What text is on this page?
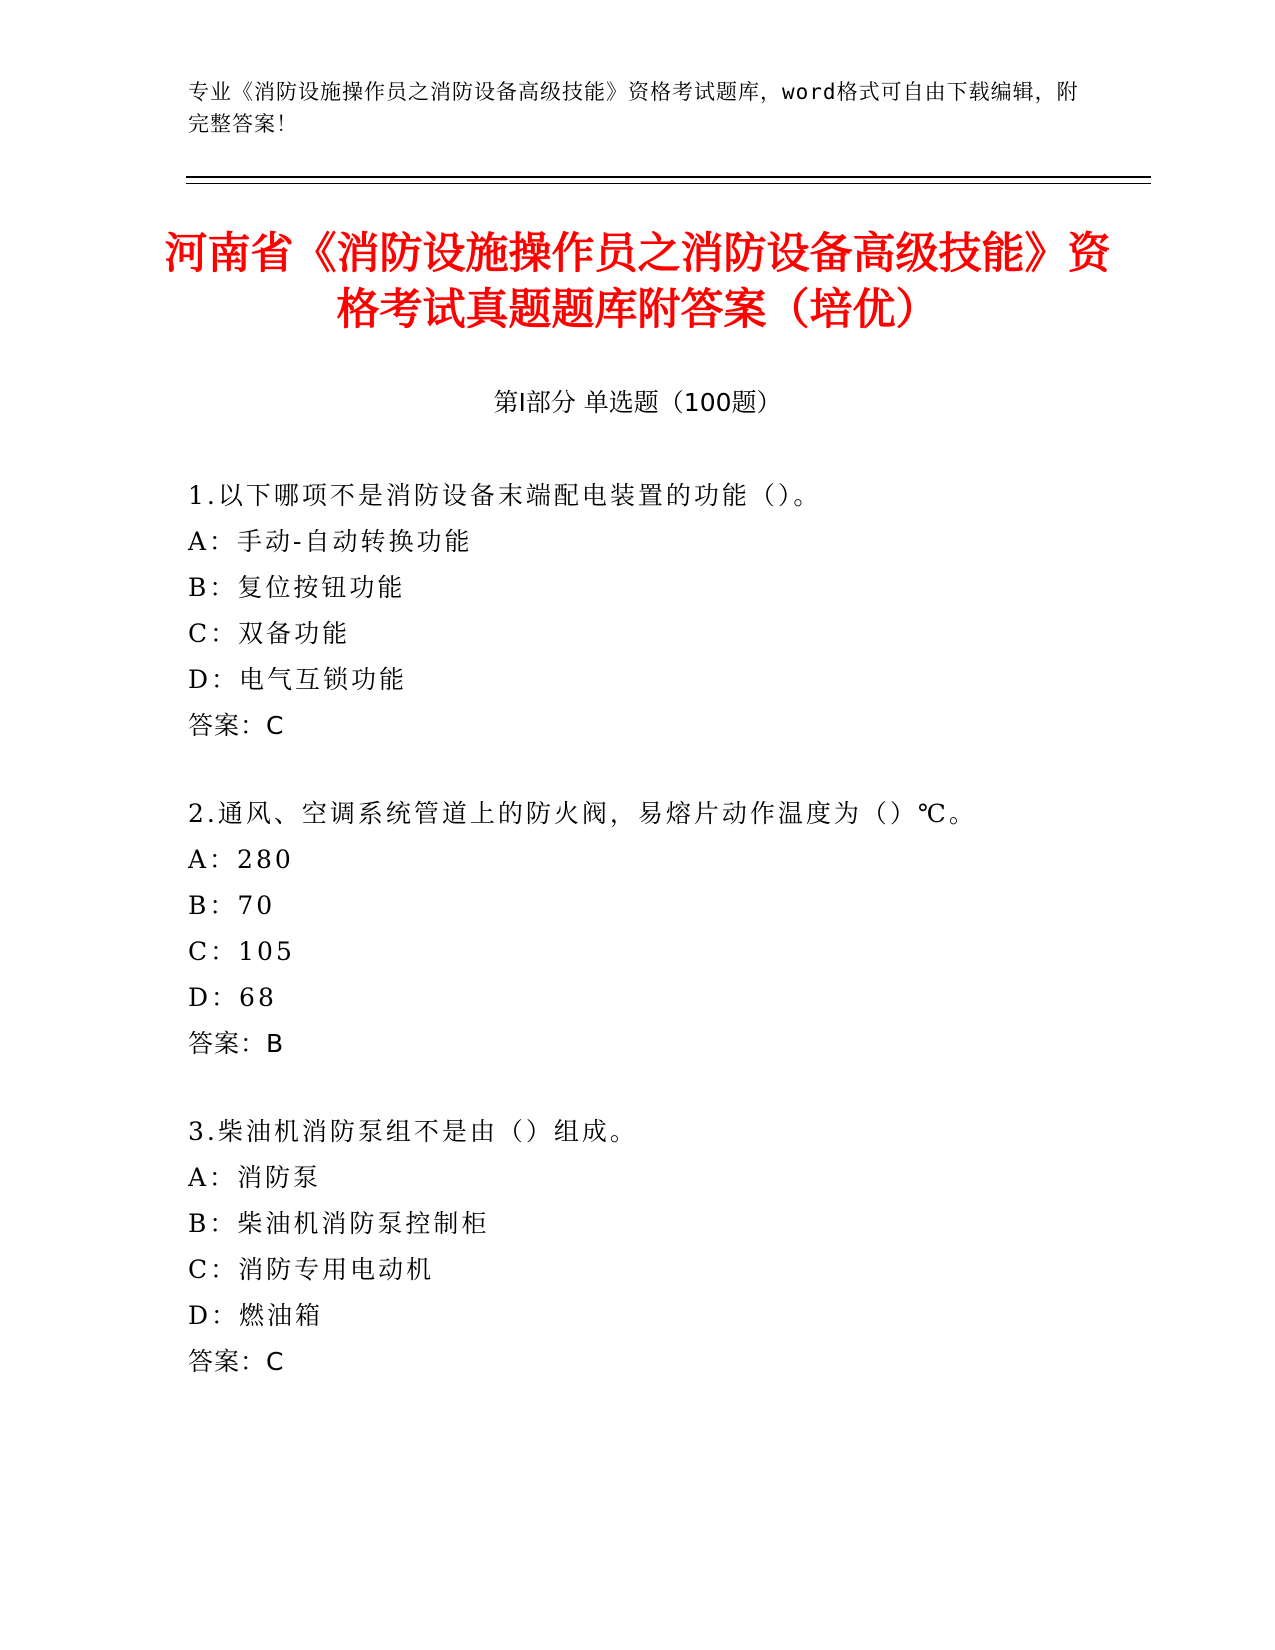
专业《消防设施操作员之消防设备高级技能》资格考试题库，word格式可自由下载编辑，附完整答案！
河南省《消防设施操作员之消防设备高级技能》资格考试真题题库附答案（培优）
第Ⅰ部分 单选题（100题）
1.以下哪项不是消防设备末端配电装置的功能（）。
A：手动-自动转换功能
B：复位按钮功能
C：双备功能
D：电气互锁功能
答案：C
2.通风、空调系统管道上的防火阀，易熔片动作温度为（）℃。
A：280
B：70
C：105
D：68
答案：B
3.柴油机消防泵组不是由（）组成。
A：消防泵
B：柴油机消防泵控制柜
C：消防专用电动机
D：燃油箱
答案：C
